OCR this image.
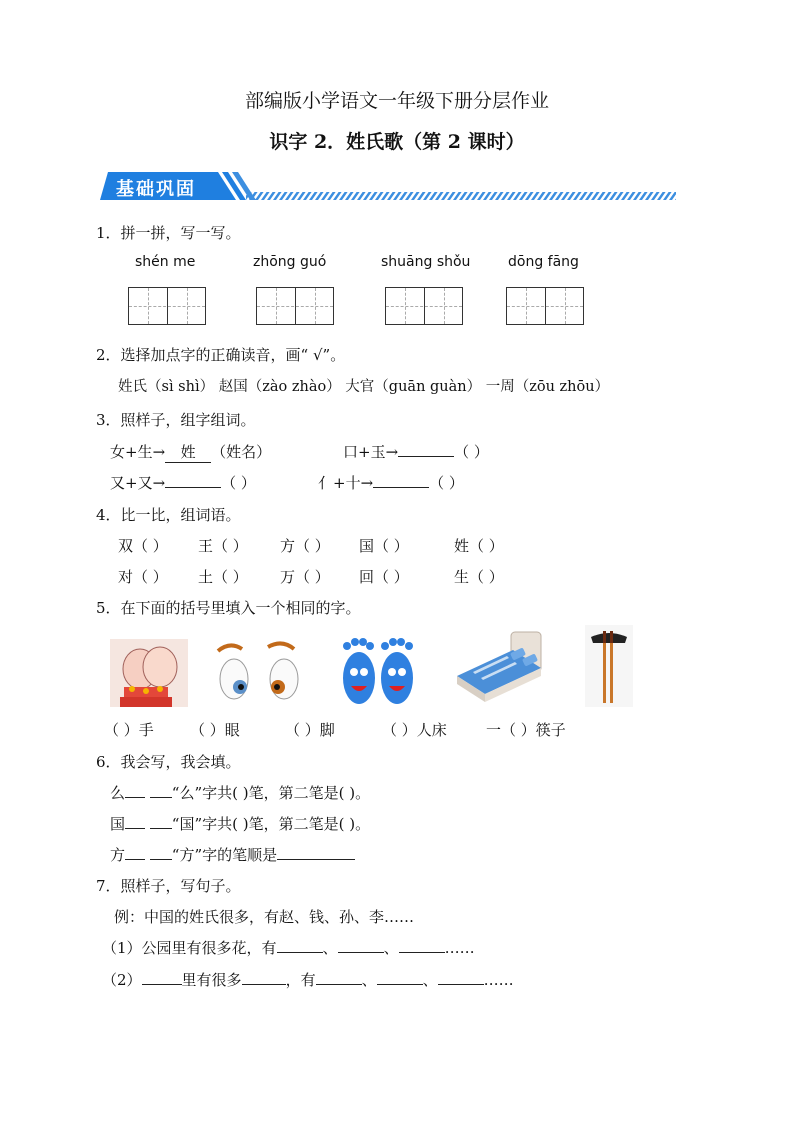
部编版小学语文一年级下册分层作业
识字 2．姓氏歌（第 2 课时）
基础巩固
1．拼一拼，写一写。
shén me	zhōng guó	shuāng shǒu	dōng fāng
2．选择加点字的正确读音，画“ √”。
姓氏（sì shì） 赵国（zào zhào） 大官（guān guàn） 一周（zōu zhōu）
3．照样子，组字组词。
女+生→ 姓 （姓名）	口+玉→	（ ）
又+又→	（ ）	亻+十→	（ ）
4．比一比，组词语。
双（ ） 王（ ） 方（ ） 国（ ）	姓（ ）
对（ ） 土（ ） 万（ ） 回（ ）	生（ ）
5．在下面的括号里填入一个相同的字。
（ ）手 （ ）眼	（ ）脚	（ ）人床	一（ ）筷子
6．我会写，我会填。
么	“么”字共( )笔，第二笔是( )。
国	“国”字共( )笔，第二笔是( )。
方	“方”字的笔顺是
7．照样子，写句子。
例：中国的姓氏很多，有赵、钱、孙、李……
（1）公园里有很多花，有	、	、	……
（2）	里有很多	，有	、	、	……
